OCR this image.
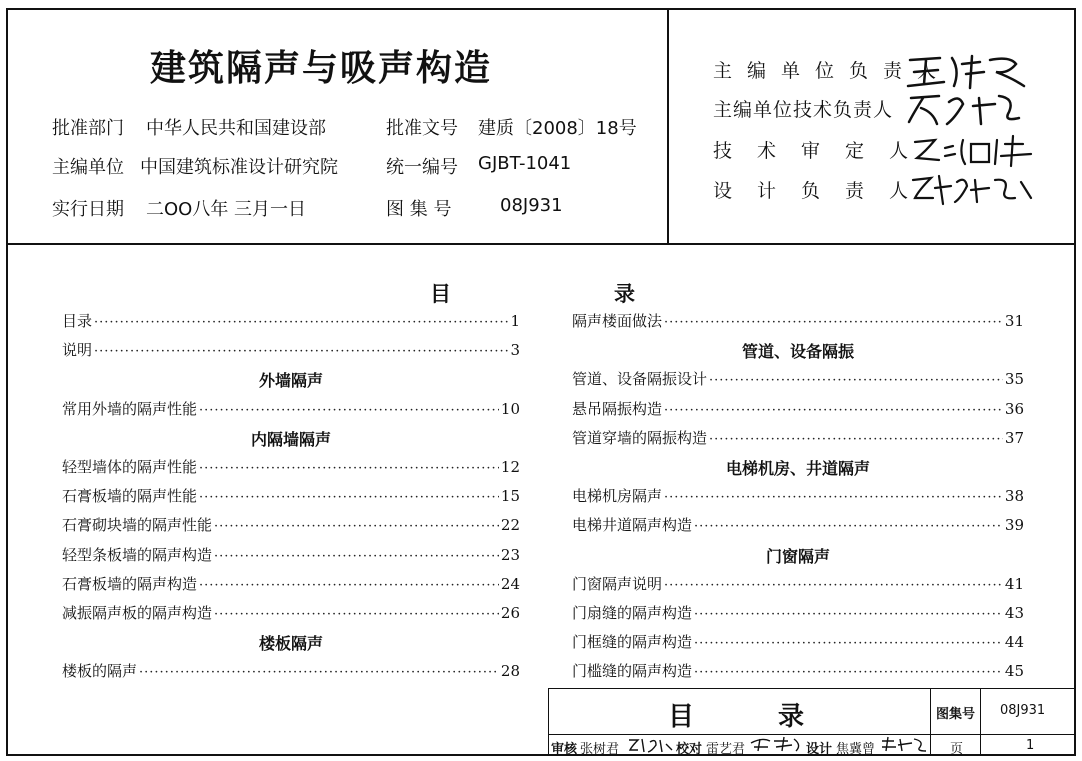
建筑隔声与吸声构造
批准部门 中华人民共和国建设部	批准文号 建质〔2008〕18号
主编单位 中国建筑标准设计研究院	统一编号 GJBT-1041
实行日期 二OO八年 三月一日	图 集 号	08J931
主编单位负责人
主编单位技术负责人
技术审定人
设计负责人
目	录
目录 ·····	1
说明 ·····	3
外墙隔声
常用外墙的隔声性能 ·····	10
内隔墙隔声
轻型墙体的隔声性能 ·····	12
石膏板墙的隔声性能 ·····	15
石膏砌块墙的隔声性能 ·····	22
轻型条板墙的隔声构造 ·····	23
石膏板墙的隔声构造 ·····	24
减振隔声板的隔声构造 ·····	26
楼板隔声
楼板的隔声 ·····	28
隔声楼面做法 ·····	31
管道、设备隔振
管道、设备隔振设计 ·····	35
悬吊隔振构造 ·····	36
管道穿墙的隔振构造 ·····	37
电梯机房、井道隔声
电梯机房隔声 ·····	38
电梯井道隔声构造 ·····	39
门窗隔声
门窗隔声说明 ·····	41
门扇缝的隔声构造 ·····	43
门框缝的隔声构造 ·····	44
门槛缝的隔声构造 ·····	45
目	录	图集号 08J931
审核 张树君	校对 雷艺君	设计 焦冀曾	页	1
